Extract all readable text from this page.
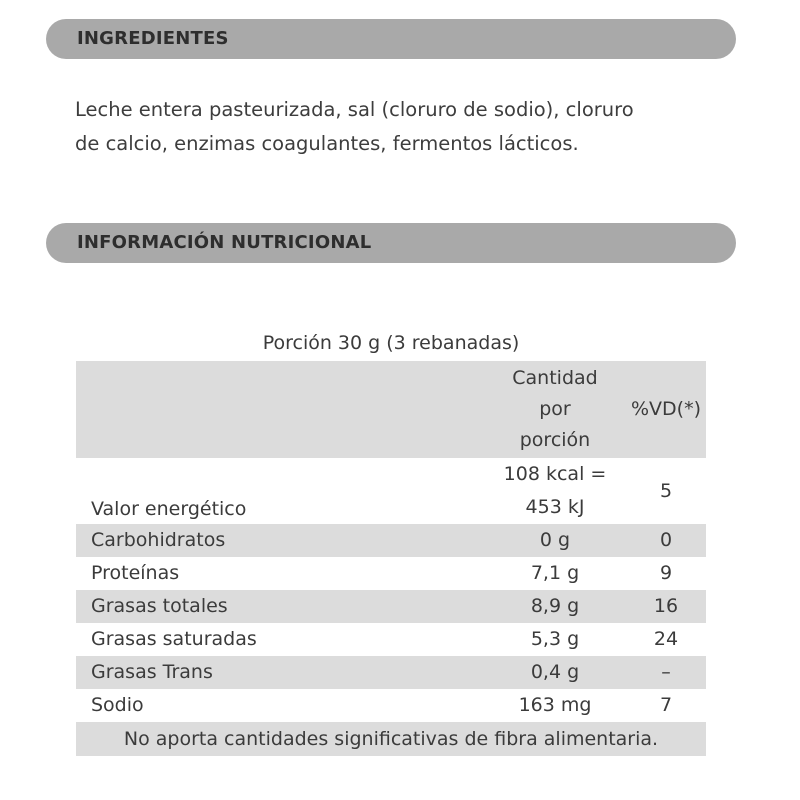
INGREDIENTES
Leche entera pasteurizada, sal (cloruro de sodio), cloruro
de calcio, enzimas coagulantes, fermentos lácticos.
INFORMACIÓN NUTRICIONAL
Porción 30 g (3 rebanadas)

	Cantidad
por
porción	%VD(*)
Valor energético	108 kcal =
453 kJ	5
Carbohidratos	0 g	0
Proteínas	7,1 g	9
Grasas totales	8,9 g	16
Grasas saturadas	5,3 g	24
Grasas Trans	0,4 g	–
Sodio	163 mg	7
No aporta cantidades significativas de fibra alimentaria.		
